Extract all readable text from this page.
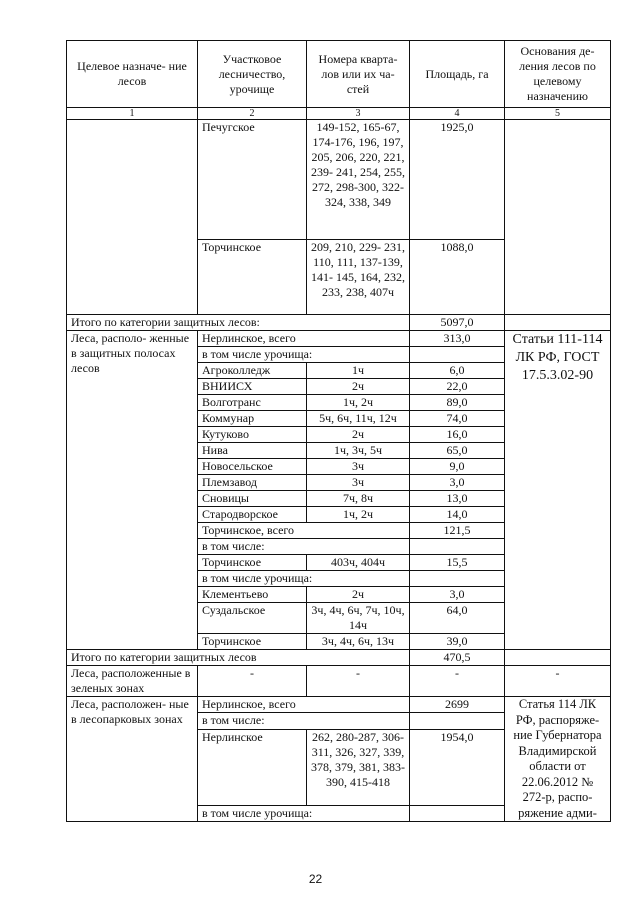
Целевое назначе- ние лесов	Участковое лесничество, урочище	Номера кварта- лов или их ча- стей	Площадь, га	Основания де- ления лесов по целевому назначению
1	2	3	4	5
	Печугское	149-152, 165-67, 174-176, 196, 197, 205, 206, 220, 221, 239- 241, 254, 255, 272, 298-300, 322-324, 338, 349	1925,0	
	Торчинское	209, 210, 229- 231, 110, 111, 137-139, 141- 145, 164, 232, 233, 238, 407ч	1088,0	
Итого по категории защитных лесов:			5097,0	
Леса, располо- женные в защитных полосах лесов	Нерлинское, всего		313,0	Статьи 111-114 ЛК РФ, ГОСТ 17.5.3.02-90
	в том числе урочища:			
	Агроколледж	1ч	6,0	
	ВНИИСХ	2ч	22,0	
	Волготранс	1ч, 2ч	89,0	
	Коммунар	5ч, 6ч, 11ч, 12ч	74,0	
	Кутуково	2ч	16,0	
	Нива	1ч, 3ч, 5ч	65,0	
	Новосельское	3ч	9,0	
	Племзавод	3ч	3,0	
	Сновицы	7ч, 8ч	13,0	
	Стародворское	1ч, 2ч	14,0	
	Торчинское, всего		121,5	
	в том числе:			
	Торчинское	403ч, 404ч	15,5	
	в том числе урочища:			
	Клементьево	2ч	3,0	
	Суздальское	3ч, 4ч, 6ч, 7ч, 10ч, 14ч	64,0	
	Торчинское	3ч, 4ч, 6ч, 13ч	39,0	
Итого по категории защитных лесов			470,5	
Леса, расположенные в зеленых зонах	-	-	-	-
Леса, расположен- ные в лесопарковых зонах	Нерлинское, всего		2699	Статья 114 ЛК РФ, распоряже- ние Губернатора Владимирской области от 22.06.2012 № 272-р, распо- ряжение адми-
	в том числе:			
	Нерлинское	262, 280-287, 306-311, 326, 327, 339, 378, 379, 381, 383- 390, 415-418	1954,0	
	в том числе урочища:			
22
